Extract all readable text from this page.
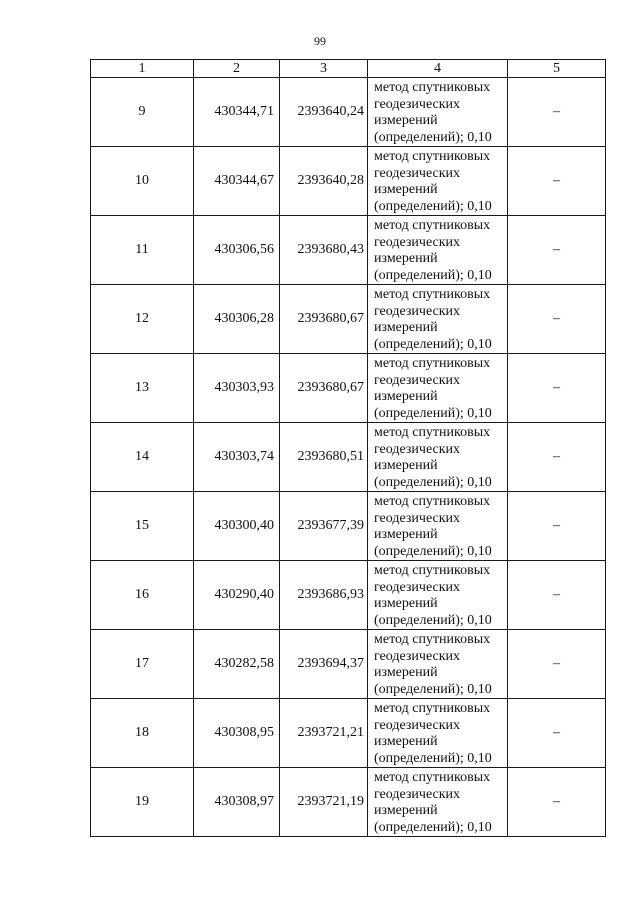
99
1	2	3	4	5
9	430344,71	2393640,24	метод спутниковых
геодезических
измерений
(определений); 0,10	–
10	430344,67	2393640,28	метод спутниковых
геодезических
измерений
(определений); 0,10	–
11	430306,56	2393680,43	метод спутниковых
геодезических
измерений
(определений); 0,10	–
12	430306,28	2393680,67	метод спутниковых
геодезических
измерений
(определений); 0,10	–
13	430303,93	2393680,67	метод спутниковых
геодезических
измерений
(определений); 0,10	–
14	430303,74	2393680,51	метод спутниковых
геодезических
измерений
(определений); 0,10	–
15	430300,40	2393677,39	метод спутниковых
геодезических
измерений
(определений); 0,10	–
16	430290,40	2393686,93	метод спутниковых
геодезических
измерений
(определений); 0,10	–
17	430282,58	2393694,37	метод спутниковых
геодезических
измерений
(определений); 0,10	–
18	430308,95	2393721,21	метод спутниковых
геодезических
измерений
(определений); 0,10	–
19	430308,97	2393721,19	метод спутниковых
геодезических
измерений
(определений); 0,10	–
